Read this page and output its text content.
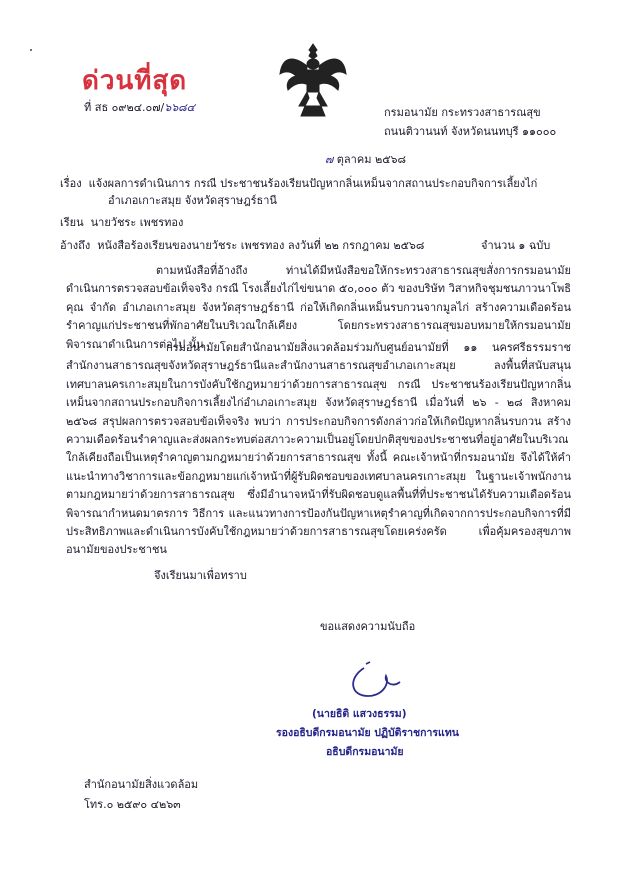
ด่วนที่สุด
ที่ สธ ๐๙๒๔.๐๗/๖๖๘๔	กรมอนามัย กระทรวงสาธารณสุข
ถนนติวานนท์ จังหวัดนนทบุรี ๑๑๐๐๐
๗ ตุลาคม ๒๕๖๘
เรื่อง แจ้งผลการดำเนินการ กรณี ประชาชนร้องเรียนปัญหากลิ่นเหม็นจากสถานประกอบกิจการเลี้ยงไก่
อำเภอเกาะสมุย จังหวัดสุราษฎร์ธานี
เรียน นายวัชระ เพชรทอง
อ้างถึง หนังสือร้องเรียนของนายวัชระ เพชรทอง ลงวันที่ ๒๒ กรกฎาคม ๒๕๖๘	จำนวน ๑ ฉบับ
ตามหนังสือที่อ้างถึง ท่านได้มีหนังสือขอให้กระทรวงสาธารณสุขสั่งการกรมอนามัย ดำเนินการตรวจสอบข้อเท็จจริง กรณี โรงเลี้ยงไก่ไข่ขนาด ๕๐,๐๐๐ ตัว ของบริษัท วิสาหกิจชุมชนภาวนาโพธิคุณ จำกัด อำเภอเกาะสมุย จังหวัดสุราษฎร์ธานี ก่อให้เกิดกลิ่นเหม็นรบกวนจากมูลไก่ สร้างความเดือดร้อนรำคาญแก่ประชาชนที่พักอาศัยในบริเวณใกล้เคียง โดยกระทรวงสาธารณสุขมอบหมายให้กรมอนามัยพิจารณาดำเนินการต่อไป นั้น
กรมอนามัยโดยสำนักอนามัยสิ่งแวดล้อมร่วมกับศูนย์อนามัยที่ ๑๑ นครศรีธรรมราช สำนักงานสาธารณสุขจังหวัดสุราษฎร์ธานีและสำนักงานสาธารณสุขอำเภอเกาะสมุย ลงพื้นที่สนับสนุนเทศบาลนครเกาะสมุยในการบังคับใช้กฎหมายว่าด้วยการสาธารณสุข กรณี ประชาชนร้องเรียนปัญหากลิ่นเหม็นจากสถานประกอบกิจการเลี้ยงไก่อำเภอเกาะสมุย จังหวัดสุราษฎร์ธานี เมื่อวันที่ ๒๖ - ๒๘ สิงหาคม ๒๕๖๘ สรุปผลการตรวจสอบข้อเท็จจริง พบว่า การประกอบกิจการดังกล่าวก่อให้เกิดปัญหากลิ่นรบกวน สร้างความเดือดร้อนรำคาญและส่งผลกระทบต่อสภาวะความเป็นอยู่โดยปกติสุขของประชาชนที่อยู่อาศัยในบริเวณใกล้เคียงถือเป็นเหตุรำคาญตามกฎหมายว่าด้วยการสาธารณสุข ทั้งนี้ คณะเจ้าหน้าที่กรมอนามัย จึงได้ให้คำแนะนำทางวิชาการและข้อกฎหมายแก่เจ้าหน้าที่ผู้รับผิดชอบของเทศบาลนครเกาะสมุย ในฐานะเจ้าพนักงานตามกฎหมายว่าด้วยการสาธารณสุข ซึ่งมีอำนาจหน้าที่รับผิดชอบดูแลพื้นที่ที่ประชาชนได้รับความเดือดร้อน พิจารณากำหนดมาตรการ วิธีการ และแนวทางการป้องกันปัญหาเหตุรำคาญที่เกิดจากการประกอบกิจการที่มีประสิทธิภาพและดำเนินการบังคับใช้กฎหมายว่าด้วยการสาธารณสุขโดยเคร่งครัด เพื่อคุ้มครองสุขภาพอนามัยของประชาชน
จึงเรียนมาเพื่อทราบ
ขอแสดงความนับถือ
(นายธิติ แสวงธรรม)
รองอธิบดีกรมอนามัย ปฏิบัติราชการแทน
อธิบดีกรมอนามัย
สำนักอนามัยสิ่งแวดล้อม
โทร.๐ ๒๕๙๐ ๔๒๖๓
